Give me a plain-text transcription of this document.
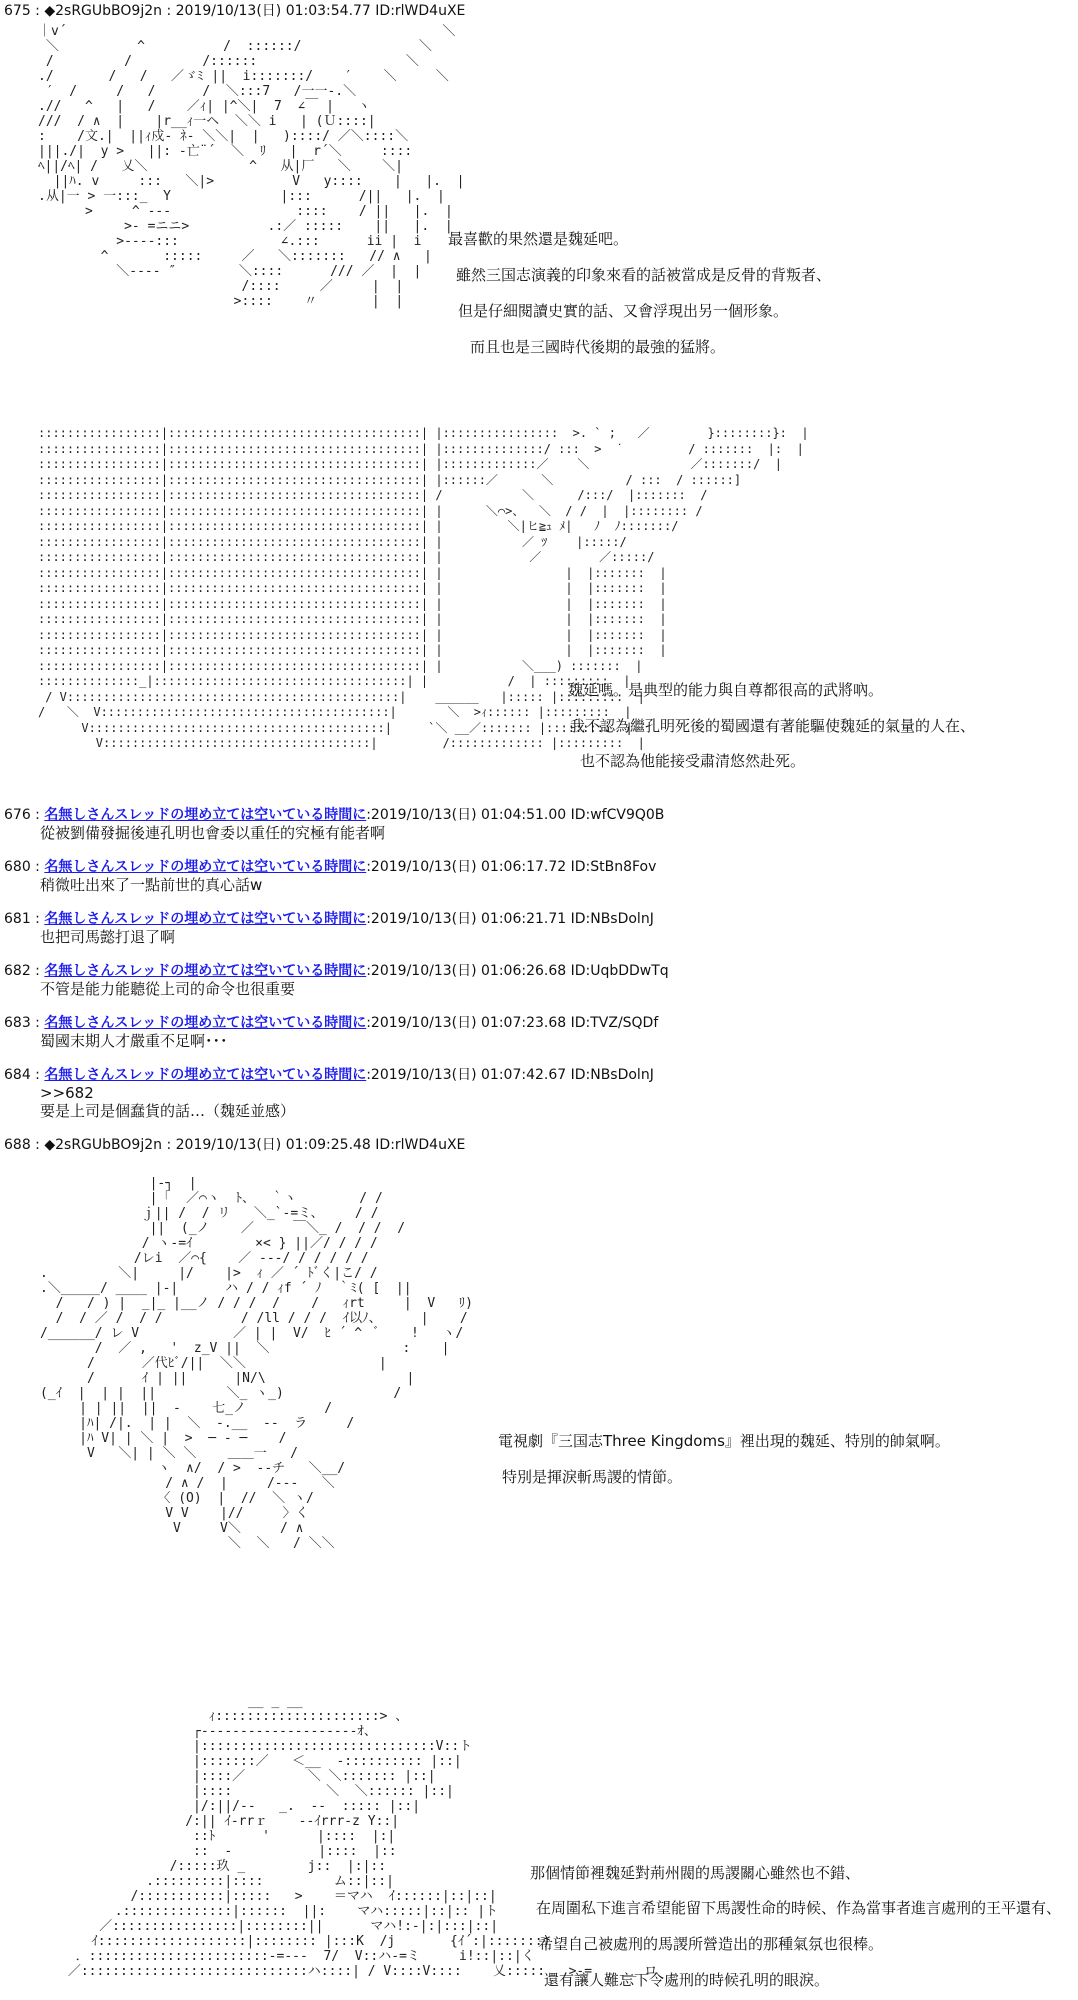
675 : ◆2sRGUbBO9j2n : 2019/10/13(日) 01:03:54.77 ID:rlWD4uXE
｜v´                                                ＼
＼          ^          /  ::::::/               ＼
/         /         /::::::                   ＼
./       /   /   ／ゞﾐ ||  i:::::::/    ′    ＼     ＼
′  /     /   /      /  ＼:::7   /一一-.＼
.//   ^   |   /    ／ｨ| |^＼|  7  ∠￣ |   ヽ
///  / ∧  |    |r__ｨ一ヘ  ＼＼ i   | (Ｕ::::|
:    /文.|  ||ｨ戍‐ ﾈ‐ ＼＼|  |   )::::/ ／＼::::＼
|||./|  y >   ||: ‐亡¨´  ＼  ﾘ   |  r´＼     ::::
ﾍ||/ﾍ| /   乂＼             ^   从|厂   ＼    ＼|
||ﾊ. v     :::   ＼|>          V   y::::    |   |.  |
.从|一 > 一:::_  Y              |:::      /||   |.  |
>     ^ ‐‐‐                ::::    / ||   |.  |
>‐ =ニニ>          .:／ :::::    ||   |.  |
>‐‐‐‐:::             ∠.:::      ii |  i
^       :::::     ／   ＼:::::::   // ∧   |
＼‐‐‐‐ ″        ＼::::      /// ／  |  |
/::::     ／     |  |
>::::    〃       |  |
最喜歡的果然還是魏延吧。
雖然三国志演義的印象來看的話被當成是反骨的背叛者、
但是仔細閱讀史實的話、又會浮現出另一個形象。
而且也是三國時代後期的最強的猛將。
:::::::::::::::::|:::::::::::::::::::::::::::::::::::| |::::::::::::::::  >. ` ;   ／        }::::::::}:  |
:::::::::::::::::|:::::::::::::::::::::::::::::::::::| |::::::::::::::/ :::  >  ˙         / :::::::  |:  |
:::::::::::::::::|:::::::::::::::::::::::::::::::::::| |:::::::::::::／    ＼              ／:::::::/  |
:::::::::::::::::|:::::::::::::::::::::::::::::::::::| |::::::／      ＼          / :::  / ::::::]
:::::::::::::::::|:::::::::::::::::::::::::::::::::::| /           ＼      /:::/  |:::::::  /
:::::::::::::::::|:::::::::::::::::::::::::::::::::::| |      ＼⌒>、  ＼  / /  |  |:::::::: /
:::::::::::::::::|:::::::::::::::::::::::::::::::::::| |         ＼|ヒ≧ｭ ﾒ|   ﾉ  ﾉ:::::::/
:::::::::::::::::|:::::::::::::::::::::::::::::::::::| |           ／ ﾂ    |:::::/
:::::::::::::::::|:::::::::::::::::::::::::::::::::::| |            ／        ／:::::/
:::::::::::::::::|:::::::::::::::::::::::::::::::::::| |                 |  |:::::::  |
:::::::::::::::::|:::::::::::::::::::::::::::::::::::| |                 |  |:::::::  |
:::::::::::::::::|:::::::::::::::::::::::::::::::::::| |                 |  |:::::::  |
:::::::::::::::::|:::::::::::::::::::::::::::::::::::| |                 |  |:::::::  |
:::::::::::::::::|:::::::::::::::::::::::::::::::::::| |                 |  |:::::::  |
:::::::::::::::::|:::::::::::::::::::::::::::::::::::| |                 |  |:::::::  |
:::::::::::::::::|:::::::::::::::::::::::::::::::::::| |           ＼___) :::::::  |
::::::::::::::_|:::::::::::::::::::::::::::::::::::| |           /  | :::::::::  |
/ V::::::::::::::::::::::::::::::::::::::::::::::|    ______   |::::: |:::::::::  |
/   ＼  V::::::::::::::::::::::::::::::::::::::::|       ＼  >ｨ:::::: |:::::::::  |
V:::::::::::::::::::::::::::::::::::::::::|     `＼ __／::::::: |:::::::::  |
V:::::::::::::::::::::::::::::::::::::|         /::::::::::::: |:::::::::  |
魏延嗎。是典型的能力與自尊都很高的武將吶。
我不認為繼孔明死後的蜀國還有著能驅使魏延的氣量的人在、
也不認為他能接受肅清悠然赴死。
676 : 名無しさんスレッドの埋め立ては空いている時間に:2019/10/13(日) 01:04:51.00 ID:wfCV9Q0B
從被劉備發掘後連孔明也會委以重任的究極有能者啊
680 : 名無しさんスレッドの埋め立ては空いている時間に:2019/10/13(日) 01:06:17.72 ID:StBn8Fov
稍微吐出來了一點前世的真心話w
681 : 名無しさんスレッドの埋め立ては空いている時間に:2019/10/13(日) 01:06:21.71 ID:NBsDolnJ
也把司馬懿打退了啊
682 : 名無しさんスレッドの埋め立ては空いている時間に:2019/10/13(日) 01:06:26.68 ID:UqbDDwTq
不管是能力能聽從上司的命令也很重要
683 : 名無しさんスレッドの埋め立ては空いている時間に:2019/10/13(日) 01:07:23.68 ID:TVZ/SQDf
蜀國末期人才嚴重不足啊･･･
684 : 名無しさんスレッドの埋め立ては空いている時間に:2019/10/13(日) 01:07:42.67 ID:NBsDolnJ
>>682
要是上司是個蠢貨的話…（魏延並感）
688 : ◆2sRGUbBO9j2n : 2019/10/13(日) 01:09:25.48 ID:rlWD4uXE
|‐┐  |
|「  ／⌒ヽ  ﾄ、  ｀ヽ        / /
ｊ|| /  / リ   ＼_`‐=ミ、    / /
||  (_ノ    ／     ￣＼_ /  / /  /
/ ヽ‐=ｲ        ×< } ||／/ / / /
/レi  ／⌒{    ／ ‐‐‐/ / / / / /
.         ＼|     |/    |>  ｨ ／ ´ ﾄﾞく|こ/ /
.＼_____/ ____ |‐|      ハ / / ｨf ´ ﾉ  ｀ﾐ( [  ||
/   / ) |  _|_ |__ノ / / /  /    /   ｨrt     |  V   ﾘ)
/  / ／ /  / /          / /ll / / /  ｲ以ﾉ、     |    /
/______/ レ V            ／ | |  V/  ﾋ ´ ^  ﾞ    !   ヽ/
/  ／ ,   '  z_V ||  ＼                 :    |
/      ／代ﾋﾞ/||  ＼＼                 |
/      ｲ | ||      |N/\                  |
(_ｲ  |  | |  ||         ＼_ ヽ_)              /
| | ||  ||  ‐    七_ノ          /
|ﾊ| /|.  | |  ＼  ‐.__  ‐‐  ラ     /
|ﾊ V| | ＼ |  >  ─ ‐ ─    /
V   ＼| | ＼ ＼    ＿＿一   /
ヽ  ∧/  / >  ‐‐チ   ＼__/
/ ∧ /  |     /‐‐‐   ＼
〈 (O)  |  //  ＼ ヽ/
V V    |//     〉く
V     V＼     / ∧
＼  ＼   / ＼＼
電視劇『三国志Three Kingdoms』裡出現的魏延、特別的帥氣啊。
特別是揮淚斬馬謖的情節。
__ _ __
ｨ:::::::::::::::::::::> 、
┌‐‐‐‐‐‐‐‐‐‐‐‐‐‐‐‐‐‐‐‐ｵ、
|::::::::::::::::::::::::::::::V::ト
|:::::::／   ＜__  ‐:::::::::: |::|
|::::／        ＼ ＼::::::: |::|
|::::            ＼  ＼:::::: |::|
|/:||/‐‐   _.  ‐‐  ::::: |::|
/:|| ｲ‐rrｒ    ‐‐ｲrrr‐z Y::|
::ﾄ      '      |::::  |:|
::  ‐           |::::  |::
/:::::玖 _        j::  |:|::
.:::::::::|::::         ム::|::|
/:::::::::::|:::::   >    ＝マハ  ｲ::::::|::|::|
.::::::::::::::|::::::  ||:    マハ:::::|::|:: |ト
／::::::::::::::::|::::::::||      マハ!:‐|:|:::|::|
ｲ:::::::::::::::::::|:::::::: |:::K  /j       {ｲ´:|:::::::)
．:::::::::::::::::::::::‐=‐‐‐  7/  V::ハ‐=ミ     i!::|::|く
／:::::::::::::::::::::::::::::ハ::::| / V::::V::::    乂:::::   >‐=    ＿ ロ
那個情節裡魏延對荊州閥的馬謖關心雖然也不錯、
在周圍私下進言希望能留下馬謖性命的時候、作為當事者進言處刑的王平還有、
希望自己被處刑的馬謖所營造出的那種氣氛也很棒。
還有讓人難忘下令處刑的時候孔明的眼淚。
